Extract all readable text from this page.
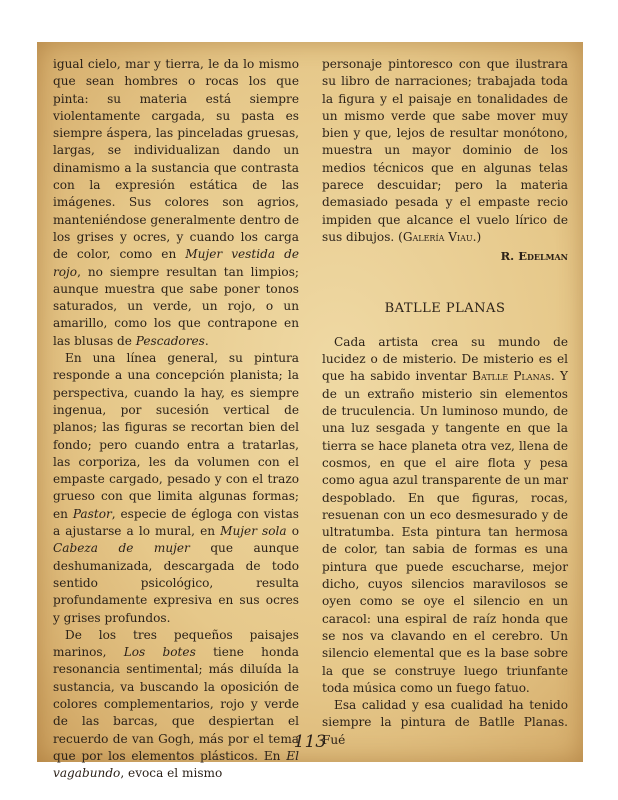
igual cielo, mar y tierra, le da lo mismo que sean hombres o rocas los que pinta: su materia está siempre violentamente cargada, su pasta es siempre áspera, las pinceladas gruesas, largas, se individualizan dando un dinamismo a la sustancia que contrasta con la expresión estática de las imágenes. Sus colores son agrios, manteniéndose generalmente dentro de los grises y ocres, y cuando los carga de color, como en Mujer vestida de rojo, no siempre resultan tan limpios; aunque muestra que sabe poner tonos saturados, un verde, un rojo, o un amarillo, como los que contrapone en las blusas de Pescadores.

En una línea general, su pintura responde a una concepción planista; la perspectiva, cuando la hay, es siempre ingenua, por sucesión vertical de planos; las figuras se recortan bien del fondo; pero cuando entra a tratarlas, las corporiza, les da volumen con el empaste cargado, pesado y con el trazo grueso con que limita algunas formas; en Pastor, especie de égloga con vistas a ajustarse a lo mural, en Mujer sola o Cabeza de mujer que aunque deshumanizada, descargada de todo sentido psicológico, resulta profundamente expresiva en sus ocres y grises profundos.

De los tres pequeños paisajes marinos, Los botes tiene honda resonancia sentimental; más diluída la sustancia, va buscando la oposición de colores complementarios, rojo y verde de las barcas, que despiertan el recuerdo de van Gogh, más por el tema que por los elementos plásticos. En El vagabundo, evoca el mismo

personaje pintoresco con que ilustrara su libro de narraciones; trabajada toda la figura y el paisaje en tonalidades de un mismo verde que sabe mover muy bien y que, lejos de resultar monótono, muestra un mayor dominio de los medios técnicos que en algunas telas parece descuidar; pero la materia demasiado pesada y el empaste recio impiden que alcance el vuelo lírico de sus dibujos. (Galería Viau.)

R. Edelman
BATLLE PLANAS

Cada artista crea su mundo de lucidez o de misterio. De misterio es el que ha sabido inventar Batlle Planas. Y de un extraño misterio sin elementos de truculencia. Un luminoso mundo, de una luz sesgada y tangente en que la tierra se hace planeta otra vez, llena de cosmos, en que el aire flota y pesa como agua azul transparente de un mar despoblado. En que figuras, rocas, resuenan con un eco desmesurado y de ultratumba. Esta pintura tan hermosa de color, tan sabia de formas es una pintura que puede escucharse, mejor dicho, cuyos silencios maravilosos se oyen como se oye el silencio en un caracol: una espiral de raíz honda que se nos va clavando en el cerebro. Un silencio elemental que es la base sobre la que se construye luego triunfante toda música como un fuego fatuo.

Esa calidad y esa cualidad ha tenido siempre la pintura de Batlle Planas. Fué

113
